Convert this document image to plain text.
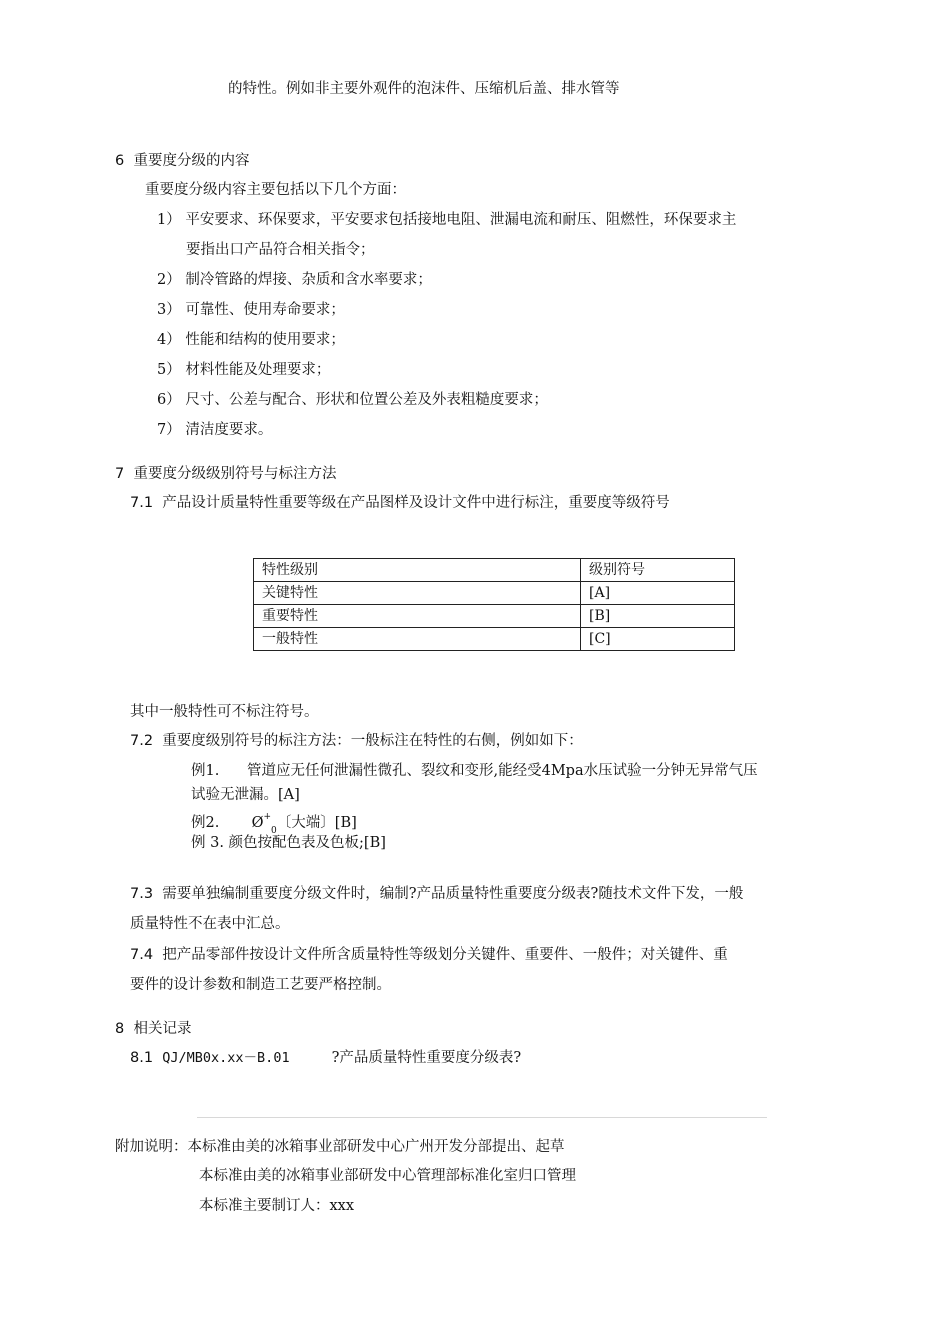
的特性。例如非主要外观件的泡沫件、压缩机后盖、排水管等
6 重要度分级的内容
重要度分级内容主要包括以下几个方面：
1） 平安要求、环保要求，平安要求包括接地电阻、泄漏电流和耐压、阻燃性，环保要求主
要指出口产品符合相关指令；
2） 制冷管路的焊接、杂质和含水率要求；
3） 可靠性、使用寿命要求；
4） 性能和结构的使用要求；
5） 材料性能及处理要求；
6） 尺寸、公差与配合、形状和位置公差及外表粗糙度要求；
7） 清洁度要求。
7 重要度分级级别符号与标注方法
7.1 产品设计质量特性重要等级在产品图样及设计文件中进行标注，重要度等级符号
特性级别	级别符号
关键特性	[A]
重要特性	[B]
一般特性	[C]
其中一般特性可不标注符号。
7.2 重要度级别符号的标注方法：一般标注在特性的右侧，例如如下：
例1. 管道应无任何泄漏性微孔、裂纹和变形,能经受4Mpa水压试验一分钟无异常气压
试验无泄漏。[A]
例2. $Ø^+_0$〔大端〕[B]
例 3. 颜色按配色表及色板;[B]
7.3 需要单独编制重要度分级文件时，编制?产品质量特性重要度分级表?随技术文件下发，一般
质量特性不在表中汇总。
7.4 把产品零部件按设计文件所含质量特性等级划分关键件、重要件、一般件；对关键件、重
要件的设计参数和制造工艺要严格控制。
8 相关记录
8.1 QJ/MB0x.xx－B.01	?产品质量特性重要度分级表?
附加说明：本标准由美的冰箱事业部研发中心广州开发分部提出、起草
本标准由美的冰箱事业部研发中心管理部标准化室归口管理
本标准主要制订人：xxx
